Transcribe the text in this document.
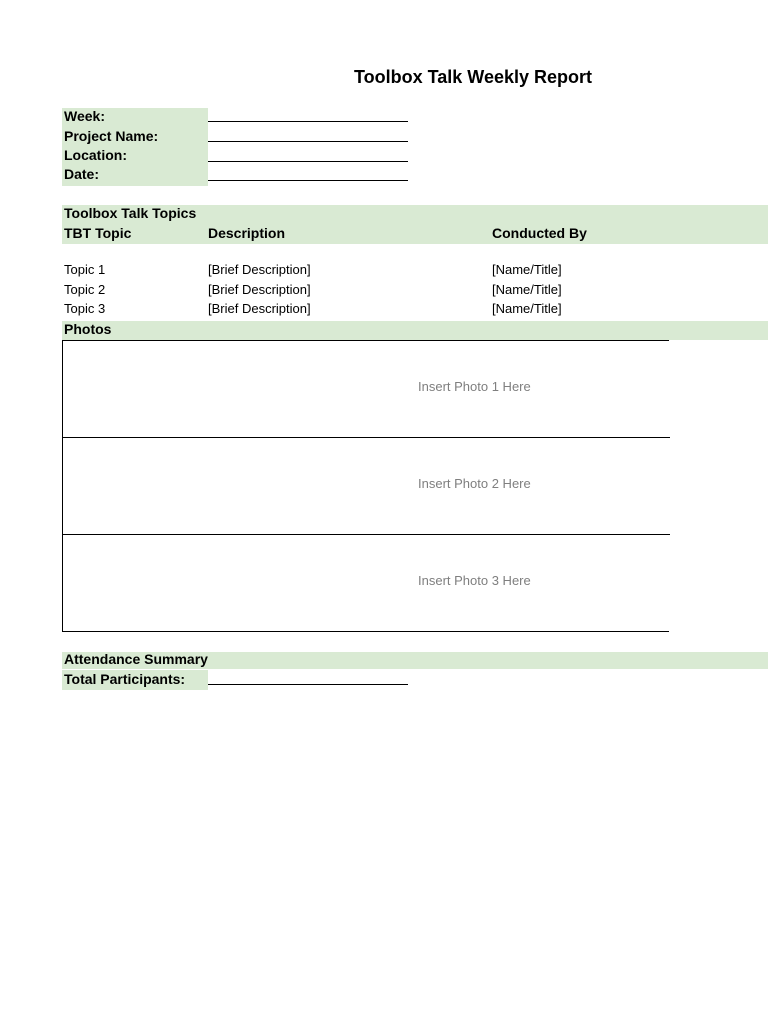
Toolbox Talk Weekly Report
Week:
Project Name:
Location:
Date:
Toolbox Talk Topics
TBT Topic	Description	Conducted By
Topic 1	[Brief Description]	[Name/Title]
Topic 2	[Brief Description]	[Name/Title]
Topic 3	[Brief Description]	[Name/Title]
Photos
Insert Photo 1 Here
Insert Photo 2 Here
Insert Photo 3 Here
Attendance Summary
Total Participants:
